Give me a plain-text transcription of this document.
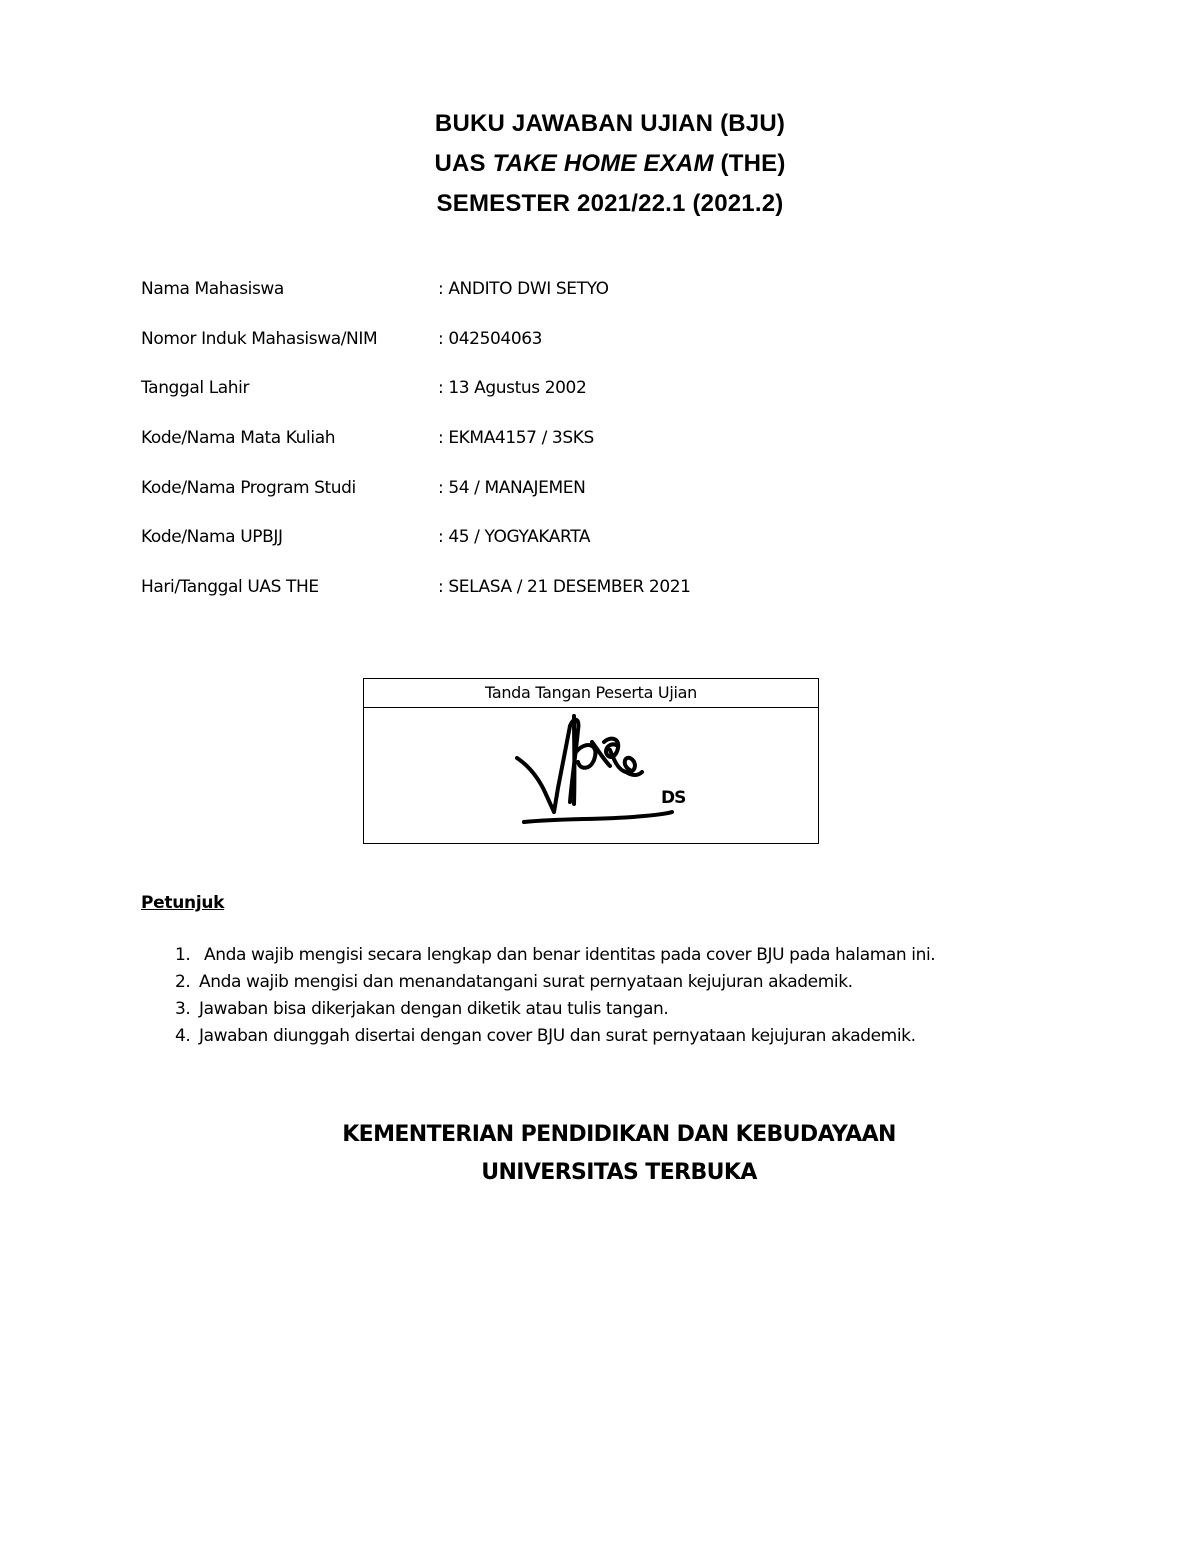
BUKU JAWABAN UJIAN (BJU)
UAS TAKE HOME EXAM (THE)
SEMESTER 2021/22.1 (2021.2)
Nama Mahasiswa	: ANDITO DWI SETYO
Nomor Induk Mahasiswa/NIM	: 042504063
Tanggal Lahir	: 13 Agustus 2002
Kode/Nama Mata Kuliah	: EKMA4157 / 3SKS
Kode/Nama Program Studi	: 54 / MANAJEMEN
Kode/Nama UPBJJ	: 45 / YOGYAKARTA
Hari/Tanggal UAS THE	: SELASA / 21 DESEMBER 2021
Tanda Tangan Peserta Ujian
DS
Petunjuk
1. Anda wajib mengisi secara lengkap dan benar identitas pada cover BJU pada halaman ini.
2. Anda wajib mengisi dan menandatangani surat pernyataan kejujuran akademik.
3. Jawaban bisa dikerjakan dengan diketik atau tulis tangan.
4. Jawaban diunggah disertai dengan cover BJU dan surat pernyataan kejujuran akademik.
KEMENTERIAN PENDIDIKAN DAN KEBUDAYAAN
UNIVERSITAS TERBUKA
